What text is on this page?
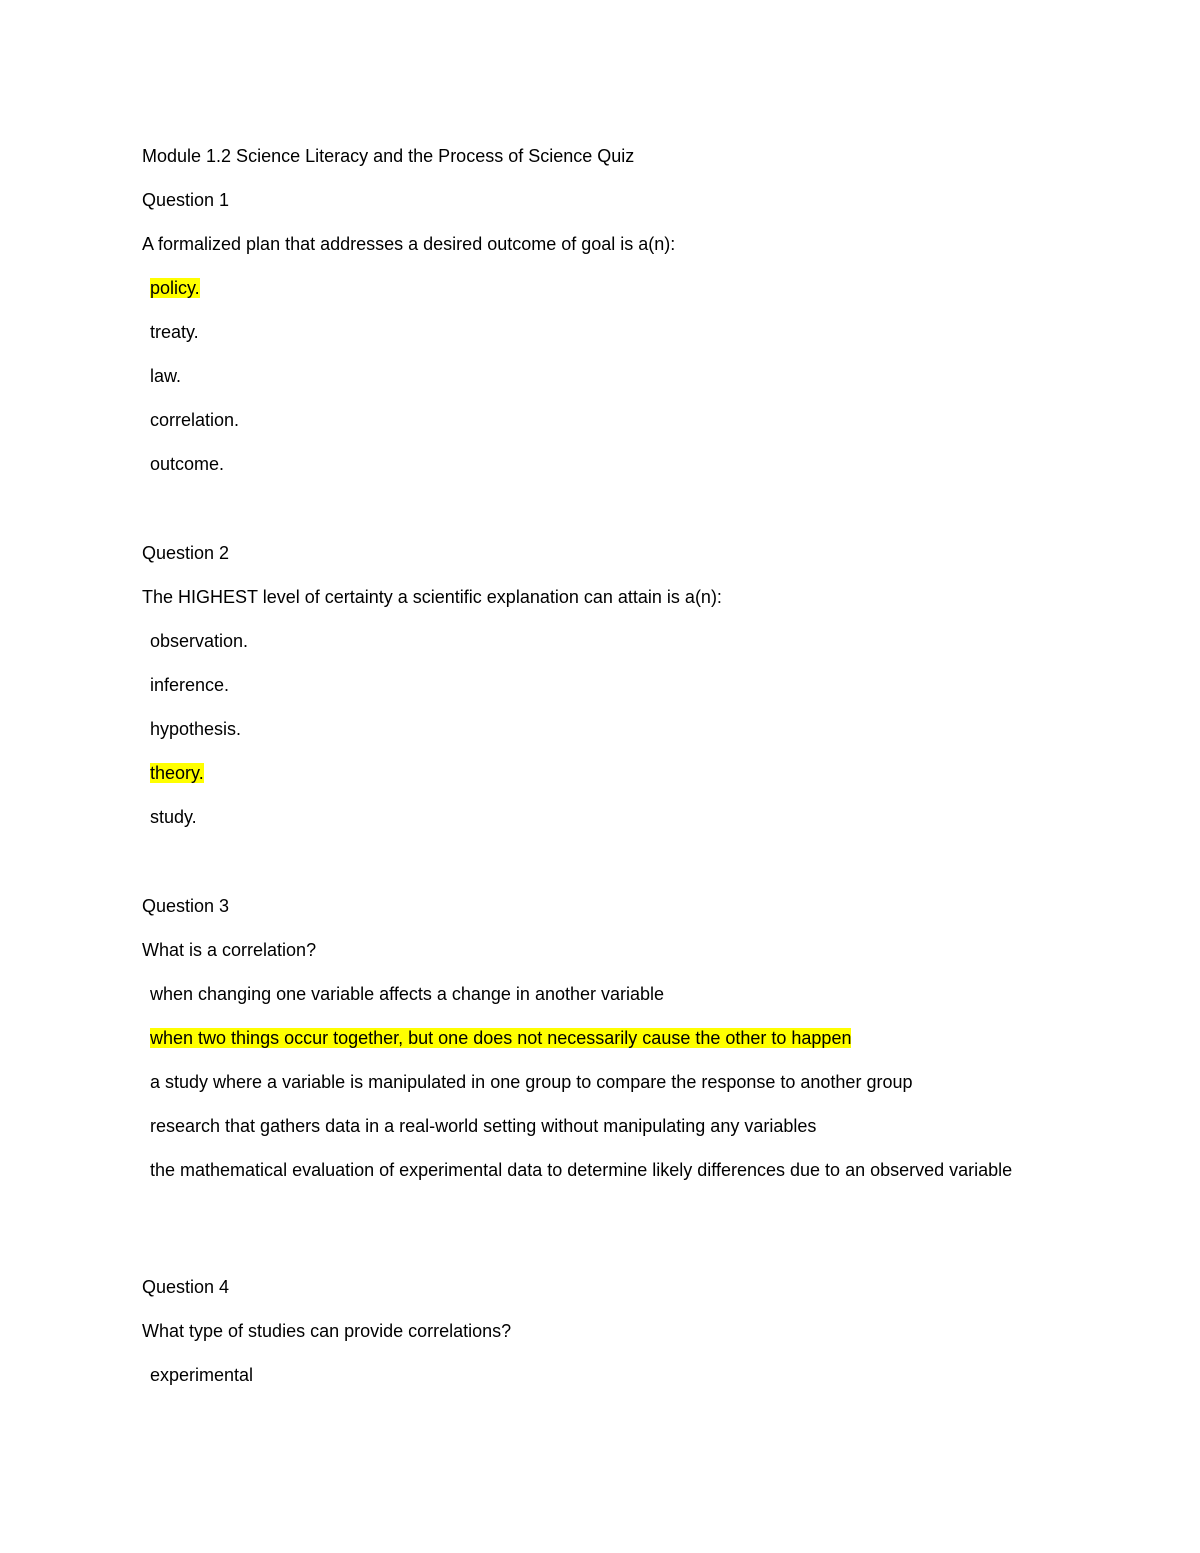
Module 1.2 Science Literacy and the Process of Science Quiz
Question 1
A formalized plan that addresses a desired outcome of goal is a(n):
policy.
treaty.
law.
correlation.
outcome.
Question 2
The HIGHEST level of certainty a scientific explanation can attain is a(n):
observation.
inference.
hypothesis.
theory.
study.
Question 3
What is a correlation?
when changing one variable affects a change in another variable
when two things occur together, but one does not necessarily cause the other to happen
a study where a variable is manipulated in one group to compare the response to another group
research that gathers data in a real-world setting without manipulating any variables
the mathematical evaluation of experimental data to determine likely differences due to an observed variable
Question 4
What type of studies can provide correlations?
experimental
